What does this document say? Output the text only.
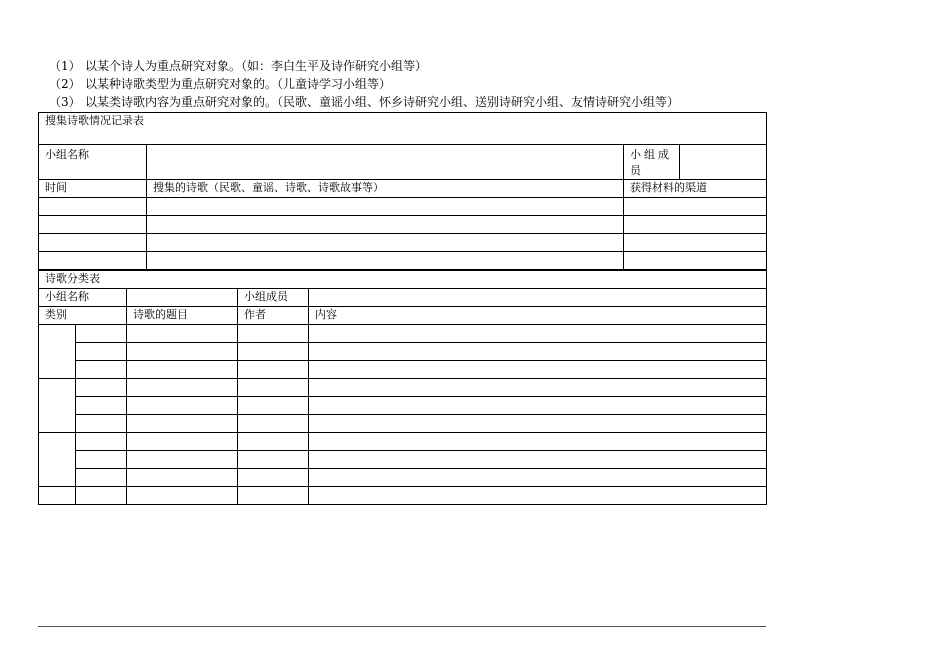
（1） 以某个诗人为重点研究对象。（如：李白生平及诗作研究小组等）
（2） 以某种诗歌类型为重点研究对象的。（儿童诗学习小组等）
（3） 以某类诗歌内容为重点研究对象的。（民歌、童谣小组、怀乡诗研究小组、送别诗研究小组、友情诗研究小组等）
搜集诗歌情况记录表			
小组名称		小组成员	
时间	搜集的诗歌（民歌、童谣、诗歌、诗歌故事等）	获得材料的渠道	

诗歌分类表				
小组名称			小组成员	
类别		诗歌的题目	作者	内容
